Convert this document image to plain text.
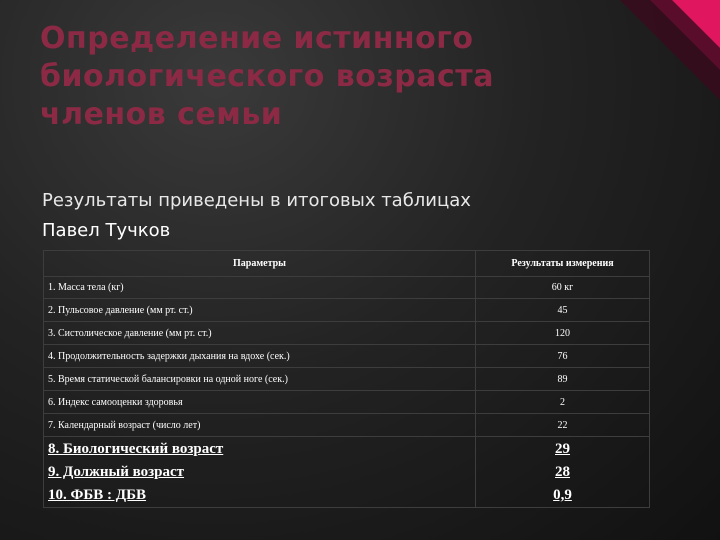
Определение истинного биологического возраста членов семьи

Результаты приведены в итоговых таблицах

Павел Тучков

Параметры	Результаты измерения
1. Масса тела (кг)	60 кг
2. Пульсовое давление (мм рт. ст.)	45
3. Систолическое давление (мм рт. ст.)	120
4. Продолжительность задержки дыхания на вдохе (сек.)	76
5. Время статической балансировки на одной ноге (сек.)	89
6. Индекс самооценки здоровья	2
7. Календарный возраст (число лет)	22
8. Биологический возраст	29
9. Должный возраст	28
10. ФБВ : ДБВ	0,9
